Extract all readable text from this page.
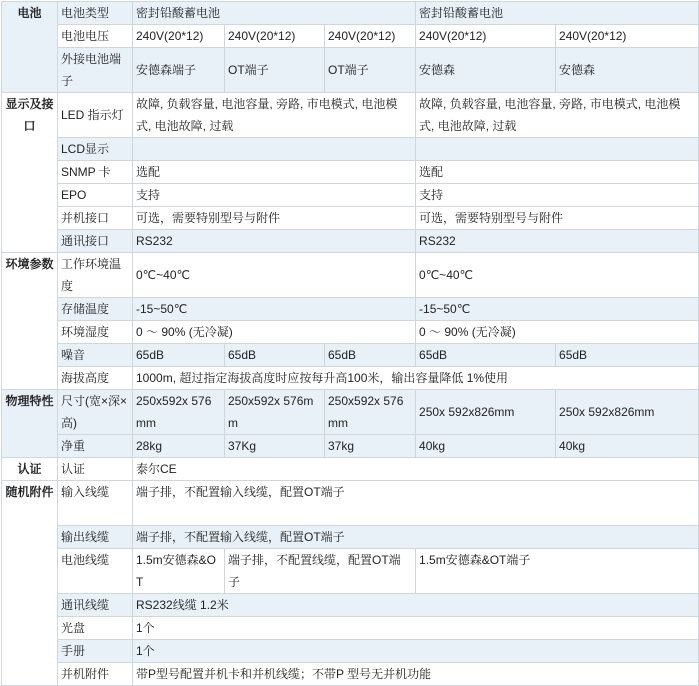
电池	电池类型	密封铅酸蓄电池			密封铅酸蓄电池	
	电池电压	240V(20*12)	240V(20*12)	240V(20*12)	240V(20*12)	240V(20*12)
	外接电池端子	安德森端子	OT端子	OT端子	安德森	安德森
显示及接口	LED 指示灯	故障, 负载容量, 电池容量, 旁路, 市电模式, 电池模式, 电池故障, 过载			故障, 负载容量, 电池容量, 旁路, 市电模式, 电池模式, 电池故障, 过载	
	LCD显示					
	SNMP 卡	选配			选配	
	EPO	支持			支持	
	并机接口	可选，需要特别型号与附件			可选，需要特别型号与附件	
	通讯接口	RS232			RS232	
环境参数	工作环境温度	0℃~40℃			0℃~40℃	
	存储温度	-15~50℃			-15~50℃	
	环境湿度	0 ～ 90% (无冷凝)			0 ～ 90% (无冷凝)	
	噪音	65dB	65dB	65dB	65dB	65dB
	海拔高度	1000m, 超过指定海拔高度时应按每升高100米，输出容量降低 1%使用				
物理特性	尺寸(宽×深×高)	250x592x 576mm	250x592x 576mm	250x592x 576mm	250x 592x826mm	250x 592x826mm
	净重	28kg	37Kg	37kg	40kg	40kg
认证	认证	泰尔CE				
随机附件	输入线缆	端子排，不配置输入线缆，配置OT端子				
	输出线缆	端子排，不配置输入线缆，配置OT端子				
	电池线缆	1.5m安德森&OT	端子排，不配置线缆，配置OT端子		1.5m安德森&OT端子	
	通讯线缆	RS232线缆 1.2米				
	光盘	1个				
	手册	1个				
	并机附件	带P型号配置并机卡和并机线缆；不带P 型号无并机功能				
